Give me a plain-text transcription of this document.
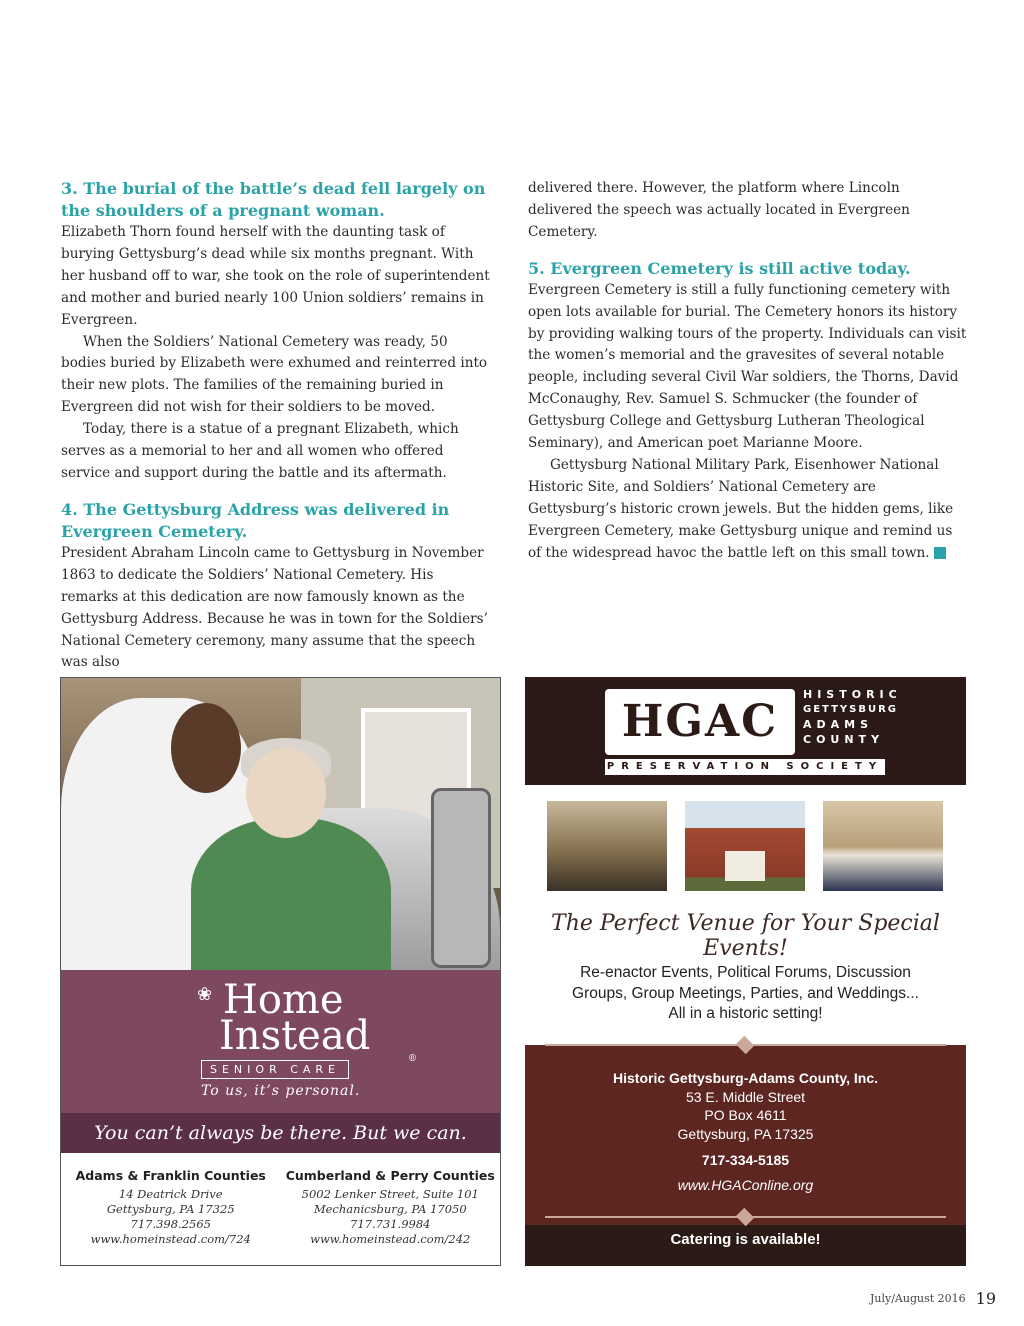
3. The burial of the battle’s dead fell largely on the shoulders of a pregnant woman.

Elizabeth Thorn found herself with the daunting task of burying Gettysburg’s dead while six months pregnant. With her husband off to war, she took on the role of superintendent and mother and buried nearly 100 Union soldiers’ remains in Evergreen.

When the Soldiers’ National Cemetery was ready, 50 bodies buried by Elizabeth were exhumed and reinterred into their new plots. The families of the remaining buried in Evergreen did not wish for their soldiers to be moved.

Today, there is a statue of a pregnant Elizabeth, which serves as a memorial to her and all women who offered service and support during the battle and its aftermath.

4. The Gettysburg Address was delivered in Evergreen Cemetery.

President Abraham Lincoln came to Gettysburg in November 1863 to dedicate the Soldiers’ National Cemetery. His remarks at this dedication are now famously known as the Gettysburg Address. Because he was in town for the Soldiers’ National Cemetery ceremony, many assume that the speech was also

delivered there. However, the platform where Lincoln delivered the speech was actually located in Evergreen Cemetery.

5. Evergreen Cemetery is still active today.

Evergreen Cemetery is still a fully functioning cemetery with open lots available for burial. The Cemetery honors its history by providing walking tours of the property. Individuals can visit the women’s memorial and the gravesites of several notable people, including several Civil War soldiers, the Thorns, David McConaughy, Rev. Samuel S. Schmucker (the founder of Gettysburg College and Gettysburg Lutheran Theological Seminary), and American poet Marianne Moore.

Gettysburg National Military Park, Eisenhower National Historic Site, and Soldiers’ National Cemetery are Gettysburg’s historic crown jewels. But the hidden gems, like Evergreen Cemetery, make Gettysburg unique and remind us of the widespread havoc the battle left on this small town.	G

❀ Home
Instead
SENIOR CARE
®
To us, it’s personal.
You can’t always be there. But we can.
Adams & Franklin Counties
14 Deatrick Drive
Gettysburg, PA 17325
717.398.2565
www.homeinstead.com/724
Cumberland & Perry Counties
5002 Lenker Street, Suite 101
Mechanicsburg, PA 17050
717.731.9984
www.homeinstead.com/242
HGAC
HISTORIC
GETTYSBURG
ADAMS
COUNTY
PRESERVATION SOCIETY
The Perfect Venue for Your Special Events!
Re-enactor Events, Political Forums, Discussion
Groups, Group Meetings, Parties, and Weddings...
All in a historic setting!
Historic Gettysburg-Adams County, Inc.
53 E. Middle Street
PO Box 4611
Gettysburg, PA 17325
717-334-5185
www.HGAConline.org
Catering is available!
July/August 2016 19
